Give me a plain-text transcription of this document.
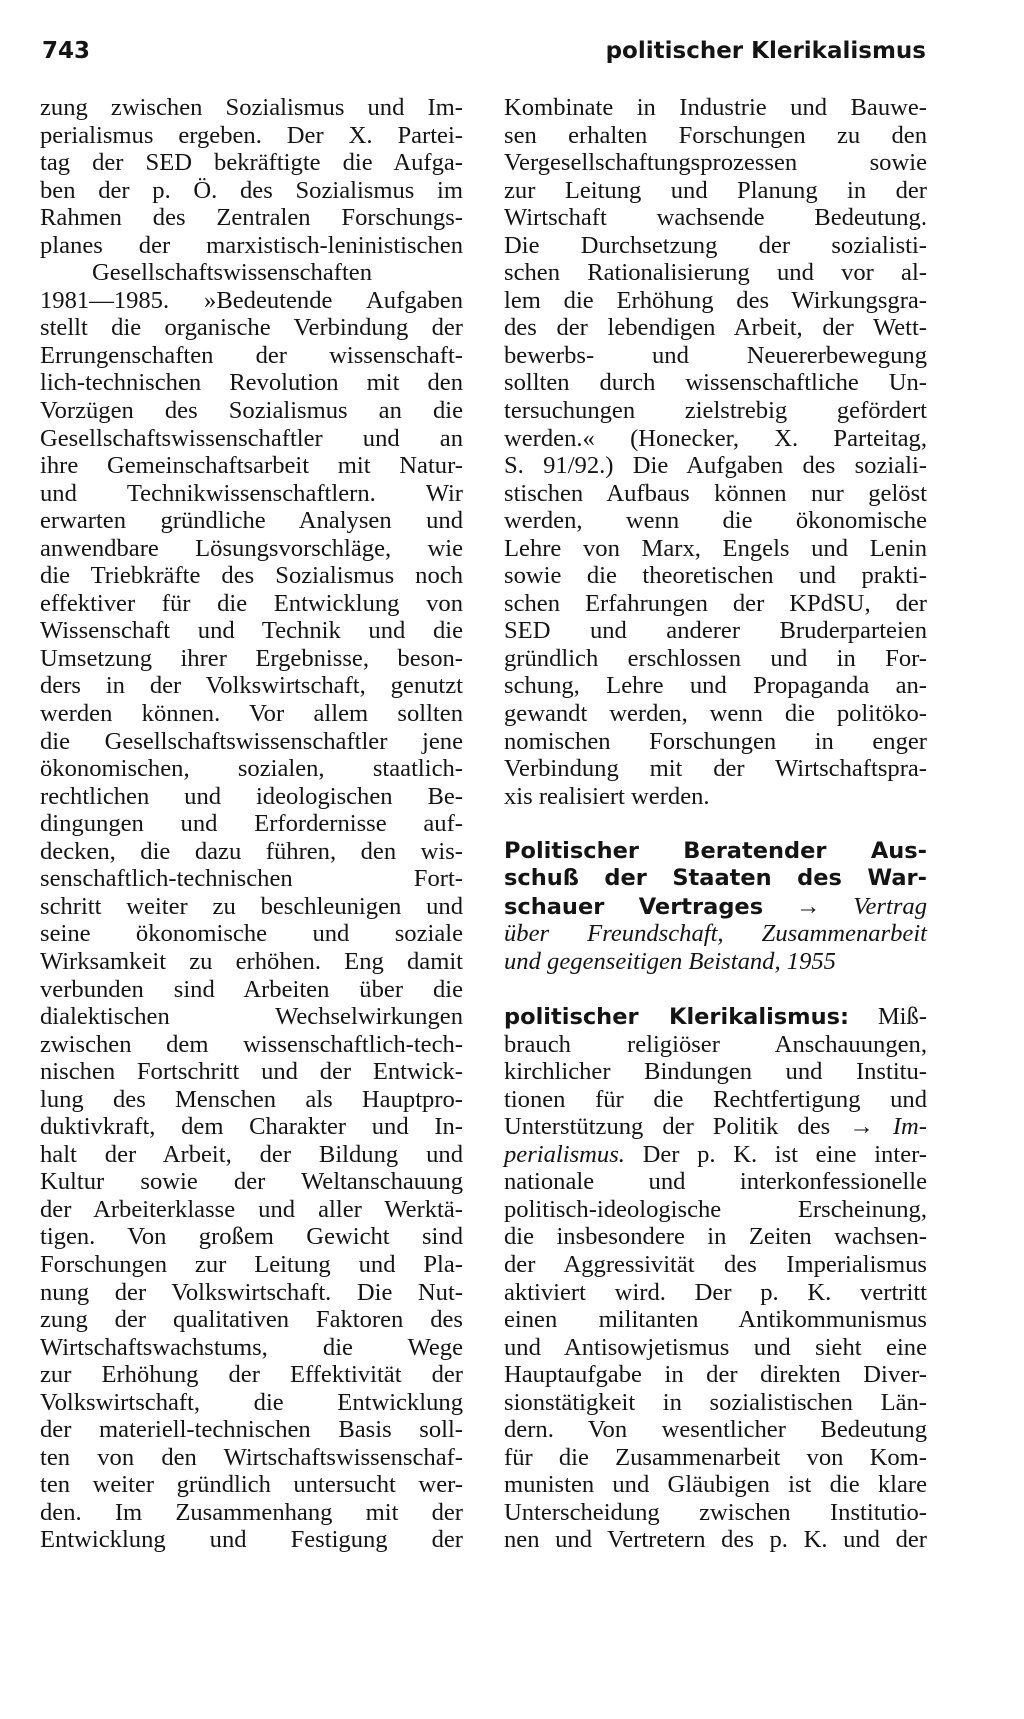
743	politischer Klerikalismus
zung zwischen Sozialismus und Im-
perialismus ergeben. Der X. Partei-
tag der SED bekräftigte die Aufga-
ben der p. Ö. des Sozialismus im
Rahmen des Zentralen Forschungs-
planes der marxistisch-leninistischen
Gesellschaftswissenschaften
1981—1985. »Bedeutende Aufgaben
stellt die organische Verbindung der
Errungenschaften der wissenschaft-
lich-technischen Revolution mit den
Vorzügen des Sozialismus an die
Gesellschaftswissenschaftler und an
ihre Gemeinschaftsarbeit mit Natur-
und Technikwissenschaftlern. Wir
erwarten gründliche Analysen und
anwendbare Lösungsvorschläge, wie
die Triebkräfte des Sozialismus noch
effektiver für die Entwicklung von
Wissenschaft und Technik und die
Umsetzung ihrer Ergebnisse, beson-
ders in der Volkswirtschaft, genutzt
werden können. Vor allem sollten
die Gesellschaftswissenschaftler jene
ökonomischen, sozialen, staatlich-
rechtlichen und ideologischen Be-
dingungen und Erfordernisse auf-
decken, die dazu führen, den wis-
senschaftlich-technischen Fort-
schritt weiter zu beschleunigen und
seine ökonomische und soziale
Wirksamkeit zu erhöhen. Eng damit
verbunden sind Arbeiten über die
dialektischen Wechselwirkungen
zwischen dem wissenschaftlich-tech-
nischen Fortschritt und der Entwick-
lung des Menschen als Hauptpro-
duktivkraft, dem Charakter und In-
halt der Arbeit, der Bildung und
Kultur sowie der Weltanschauung
der Arbeiterklasse und aller Werktä-
tigen. Von großem Gewicht sind
Forschungen zur Leitung und Pla-
nung der Volkswirtschaft. Die Nut-
zung der qualitativen Faktoren des
Wirtschaftswachstums, die Wege
zur Erhöhung der Effektivität der
Volkswirtschaft, die Entwicklung
der materiell-technischen Basis soll-
ten von den Wirtschaftswissenschaf-
ten weiter gründlich untersucht wer-
den. Im Zusammenhang mit der
Entwicklung und Festigung der
Kombinate in Industrie und Bauwe-
sen erhalten Forschungen zu den
Vergesellschaftungsprozessen sowie
zur Leitung und Planung in der
Wirtschaft wachsende Bedeutung.
Die Durchsetzung der sozialisti-
schen Rationalisierung und vor al-
lem die Erhöhung des Wirkungsgra-
des der lebendigen Arbeit, der Wett-
bewerbs- und Neuererbewegung
sollten durch wissenschaftliche Un-
tersuchungen zielstrebig gefördert
werden.« (Honecker, X. Parteitag,
S. 91/92.) Die Aufgaben des soziali-
stischen Aufbaus können nur gelöst
werden, wenn die ökonomische
Lehre von Marx, Engels und Lenin
sowie die theoretischen und prakti-
schen Erfahrungen der KPdSU, der
SED und anderer Bruderparteien
gründlich erschlossen und in For-
schung, Lehre und Propaganda an-
gewandt werden, wenn die politöko-
nomischen Forschungen in enger
Verbindung mit der Wirtschaftspra-
xis realisiert werden.
Politischer Beratender Aus-
schuß der Staaten des War-
schauer Vertrages → Vertrag
über Freundschaft, Zusammenarbeit
und gegenseitigen Beistand, 1955
politischer Klerikalismus: Miß-
brauch religiöser Anschauungen,
kirchlicher Bindungen und Institu-
tionen für die Rechtfertigung und
Unterstützung der Politik des → Im-
perialismus. Der p. K. ist eine inter-
nationale und interkonfessionelle
politisch-ideologische Erscheinung,
die insbesondere in Zeiten wachsen-
der Aggressivität des Imperialismus
aktiviert wird. Der p. K. vertritt
einen militanten Antikommunismus
und Antisowjetismus und sieht eine
Hauptaufgabe in der direkten Diver-
sionstätigkeit in sozialistischen Län-
dern. Von wesentlicher Bedeutung
für die Zusammenarbeit von Kom-
munisten und Gläubigen ist die klare
Unterscheidung zwischen Institutio-
nen und Vertretern des p. K. und der
